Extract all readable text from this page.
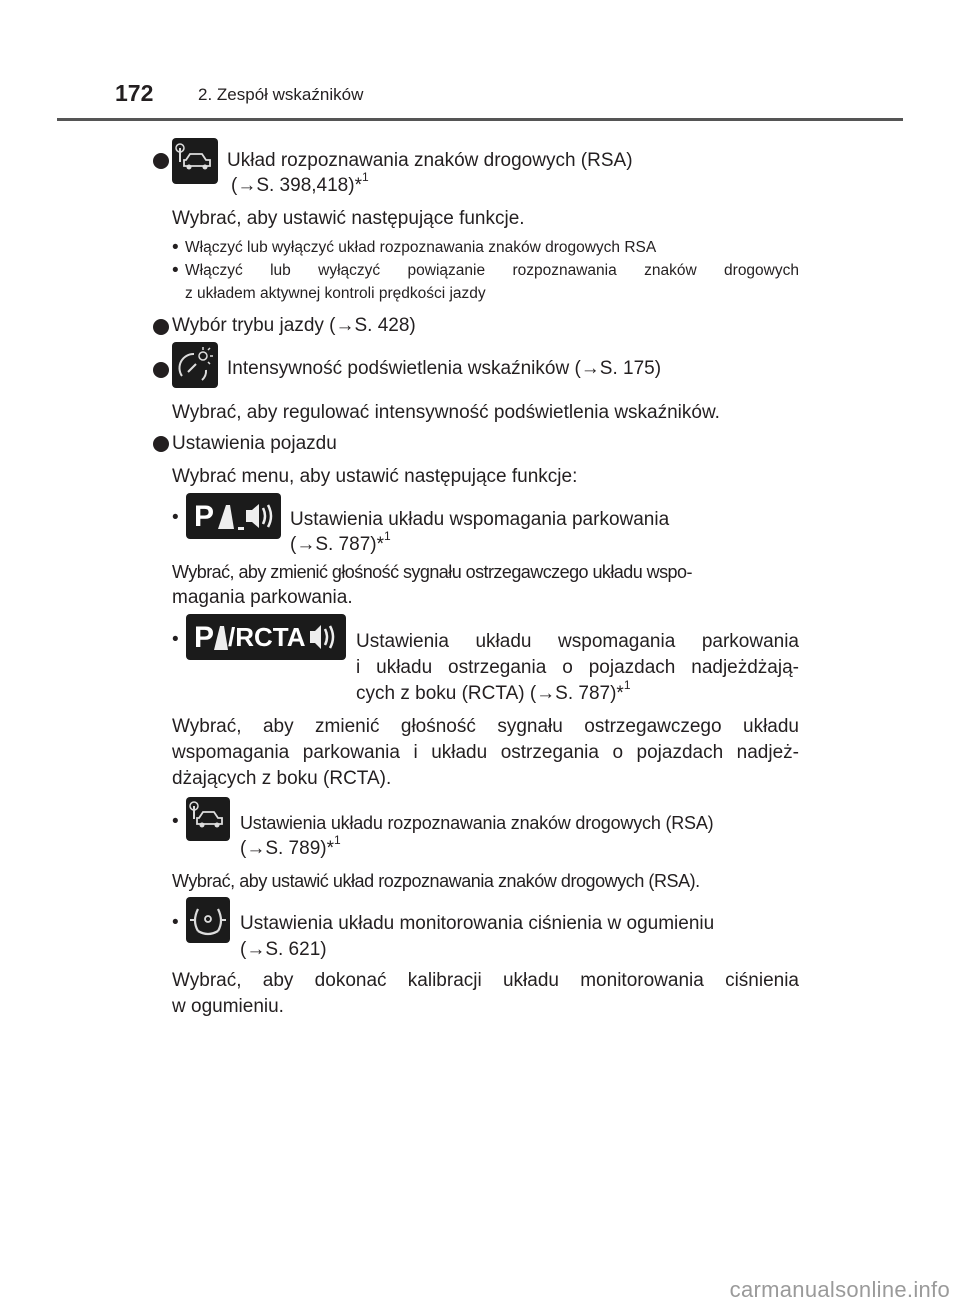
172	2. Zespół wskaźników
Układ rozpoznawania znaków drogowych (RSA)
(→S. 398,418)*$^1$
Wybrać, aby ustawić następujące funkcje.
• Włączyć lub wyłączyć układ rozpoznawania znaków drogowych RSA
• Włączyć lub wyłączyć powiązanie rozpoznawania znaków drogowych
z układem aktywnej kontroli prędkości jazdy
Wybór trybu jazdy (→S. 428)
Intensywność podświetlenia wskaźników (→S. 175)
Wybrać, aby regulować intensywność podświetlenia wskaźników.
Ustawienia pojazdu
Wybrać menu, aby ustawić następujące funkcje:
• P	Ustawienia układu wspomagania parkowania
(→S. 787)*$^1$
Wybrać, aby zmienić głośność sygnału ostrzegawczego układu wspo-
magania parkowania.
• P /RCTA	Ustawienia układu wspomagania parkowania
i układu ostrzegania o pojazdach nadjeżdżają-
cych z boku (RCTA) (→S. 787)*$^1$
Wybrać, aby zmienić głośność sygnału ostrzegawczego układu
wspomagania parkowania i układu ostrzegania o pojazdach nadjeż-
dżających z boku (RCTA).
•	Ustawienia układu rozpoznawania znaków drogowych (RSA)
(→S. 789)*$^1$
Wybrać, aby ustawić układ rozpoznawania znaków drogowych (RSA).
•	Ustawienia układu monitorowania ciśnienia w ogumieniu
(→S. 621)
Wybrać, aby dokonać kalibracji układu monitorowania ciśnienia
w ogumieniu.
carmanualsonline.info
